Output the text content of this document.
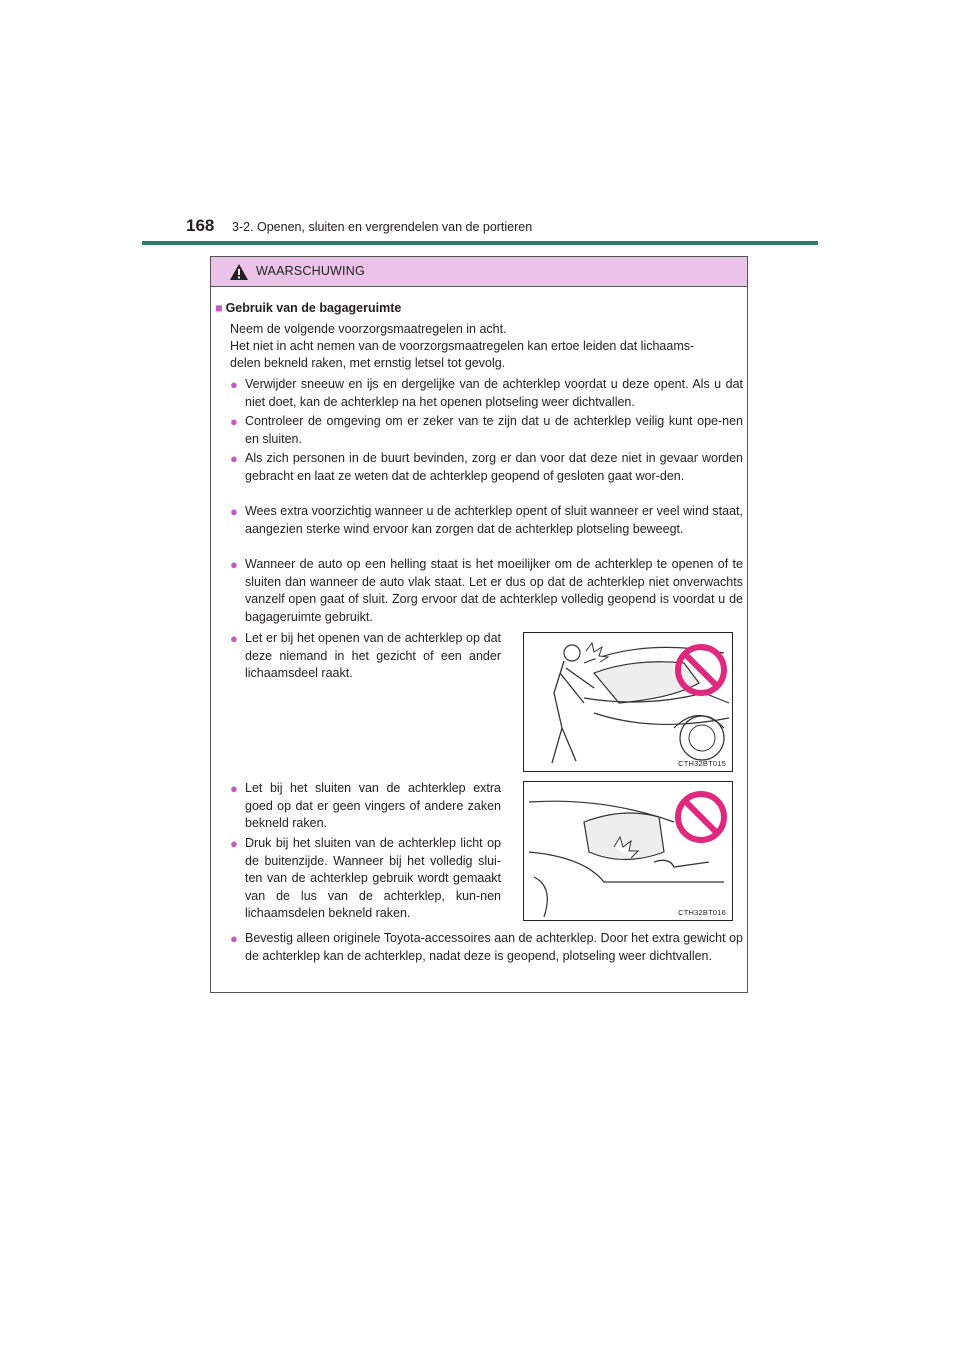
168 3-2. Openen, sluiten en vergrendelen van de portieren
WAARSCHUWING
■ Gebruik van de bagageruimte

Neem de volgende voorzorgsmaatregelen in acht.

Het niet in acht nemen van de voorzorgsmaatregelen kan ertoe leiden dat lichaams-

delen bekneld raken, met ernstig letsel tot gevolg.

● Verwijder sneeuw en ijs en dergelijke van de achterklep voordat u deze opent. Als u dat niet doet, kan de achterklep na het openen plotseling weer dichtvallen.
● Controleer de omgeving om er zeker van te zijn dat u de achterklep veilig kunt ope-nen en sluiten.
● Als zich personen in de buurt bevinden, zorg er dan voor dat deze niet in gevaar worden gebracht en laat ze weten dat de achterklep geopend of gesloten gaat wor-den.
● Wees extra voorzichtig wanneer u de achterklep opent of sluit wanneer er veel wind staat, aangezien sterke wind ervoor kan zorgen dat de achterklep plotseling beweegt.
● Wanneer de auto op een helling staat is het moeilijker om de achterklep te openen of te sluiten dan wanneer de auto vlak staat. Let er dus op dat de achterklep niet onverwachts vanzelf open gaat of sluit. Zorg ervoor dat de achterklep volledig geopend is voordat u de bagageruimte gebruikt.
● Let er bij het openen van de achterklep op dat deze niemand in het gezicht of een ander lichaamsdeel raakt.
CTH32BT015
● Let bij het sluiten van de achterklep extra goed op dat er geen vingers of andere zaken bekneld raken.
● Druk bij het sluiten van de achterklep licht op de buitenzijde. Wanneer bij het volledig slui-ten van de achterklep gebruik wordt gemaakt van de lus van de achterklep, kun-nen lichaamsdelen bekneld raken.	CTH32BT016
● Bevestig alleen originele Toyota-accessoires aan de achterklep. Door het extra gewicht op de achterklep kan de achterklep, nadat deze is geopend, plotseling weer dichtvallen.
